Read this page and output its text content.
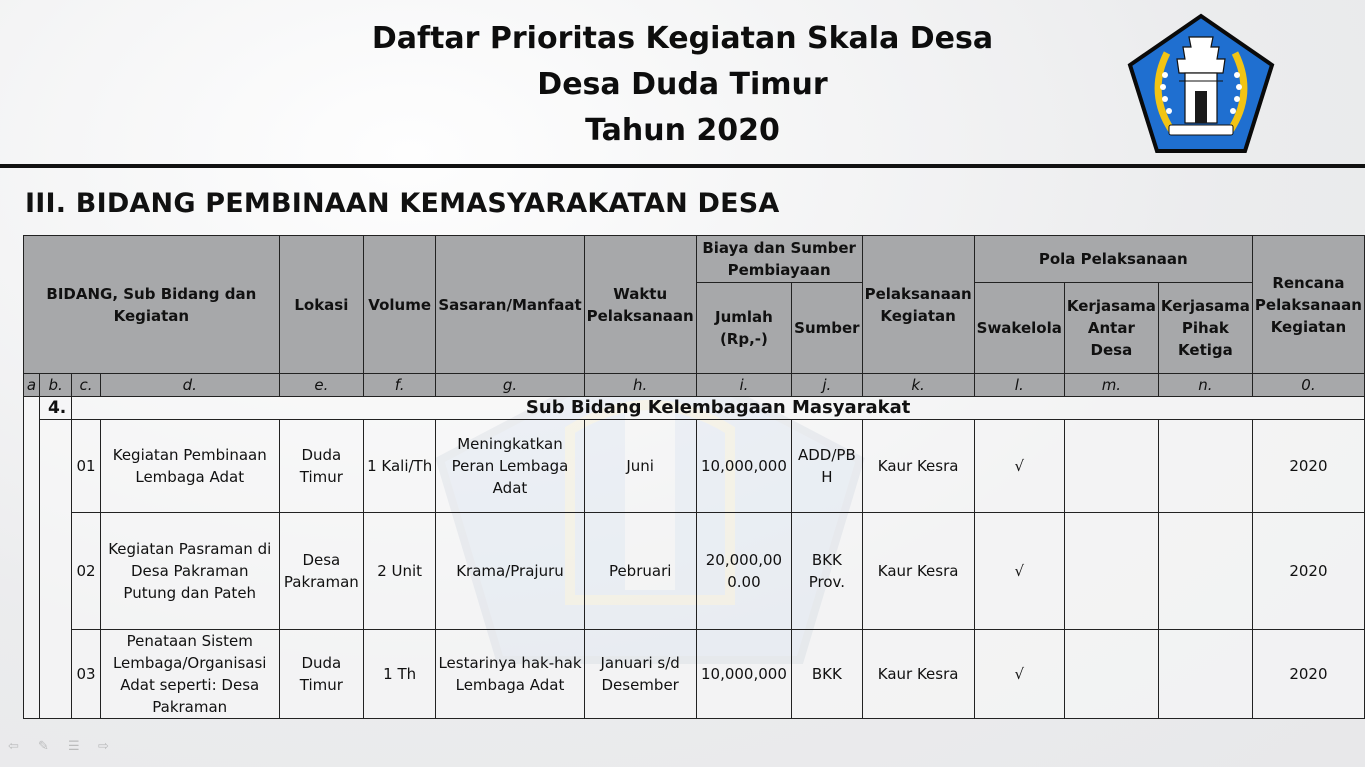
Daftar Prioritas Kegiatan Skala Desa
Desa Duda Timur
Tahun 2020
III. BIDANG PEMBINAAN KEMASYARAKATAN DESA
BIDANG, Sub Bidang dan Kegiatan				Lokasi	Volume	Sasaran/Manfaat	Waktu Pelaksanaan	Biaya dan Sumber Pembiayaan		Pelaksanaan Kegiatan	Pola Pelaksanaan			Rencana Pelaksanaan Kegiatan
								Jumlah (Rp,-)	Sumber		Swakelola	Kerjasama Antar Desa	Kerjasama Pihak Ketiga	
a	b.	c.	d.	e.	f.	g.	h.	i.	j.	k.	l.	m.	n.	0.
	4.	Sub Bidang Kelembagaan Masyarakat												
		01	Kegiatan Pembinaan Lembaga Adat	Duda Timur	1 Kali/Th	Meningkatkan Peran Lembaga Adat	Juni	10,000,000	ADD/PBH	Kaur Kesra	√			2020
		02	Kegiatan Pasraman di Desa Pakraman Putung dan Pateh	Desa Pakraman	2 Unit	Krama/Prajuru	Pebruari	20,000,000.00	BKK Prov.	Kaur Kesra	√			2020
		03	Penataan Sistem Lembaga/Organisasi Adat seperti: Desa Pakraman	Duda Timur	1 Th	Lestarinya hak-hak Lembaga Adat	Januari s/d Desember	10,000,000	BKK	Kaur Kesra	√			2020
⇦	✎	☰	⇨
